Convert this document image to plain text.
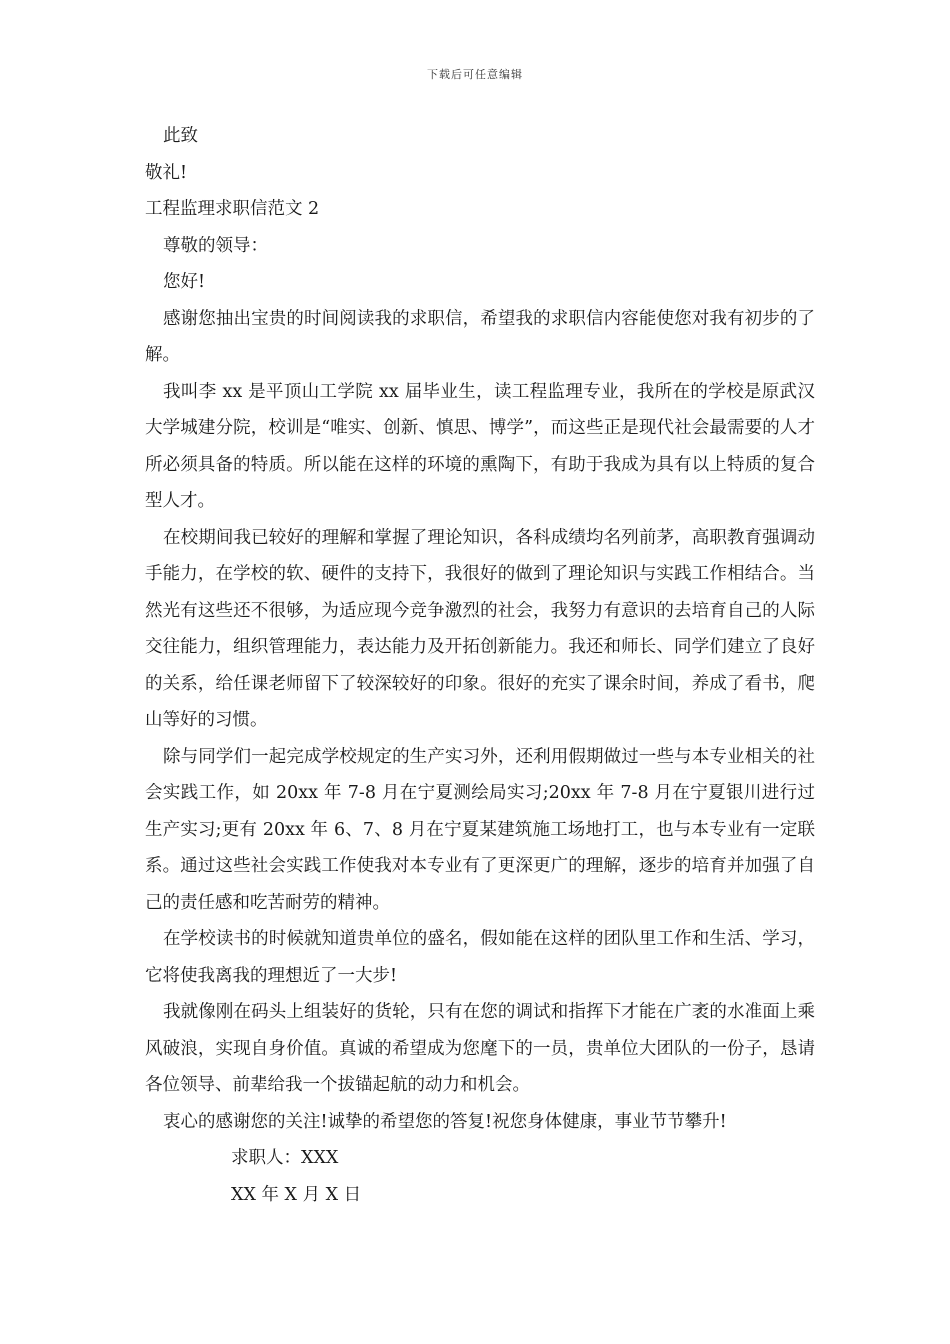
下载后可任意编辑
此致
敬礼!
工程监理求职信范文 2
尊敬的领导：
您好!
感谢您抽出宝贵的时间阅读我的求职信，希望我的求职信内容能使您对我有初步的了解。
我叫李 xx 是平顶山工学院 xx 届毕业生，读工程监理专业，我所在的学校是原武汉大学城建分院，校训是“唯实、创新、慎思、博学”，而这些正是现代社会最需要的人才所必须具备的特质。所以能在这样的环境的熏陶下，有助于我成为具有以上特质的复合型人才。
在校期间我已较好的理解和掌握了理论知识，各科成绩均名列前茅，高职教育强调动手能力，在学校的软、硬件的支持下，我很好的做到了理论知识与实践工作相结合。当然光有这些还不很够，为适应现今竞争激烈的社会，我努力有意识的去培育自己的人际交往能力，组织管理能力，表达能力及开拓创新能力。我还和师长、同学们建立了良好的关系，给任课老师留下了较深较好的印象。很好的充实了课余时间，养成了看书，爬山等好的习惯。
除与同学们一起完成学校规定的生产实习外，还利用假期做过一些与本专业相关的社会实践工作，如 20xx 年 7-8 月在宁夏测绘局实习;20xx 年 7-8 月在宁夏银川进行过生产实习;更有 20xx 年 6、7、8 月在宁夏某建筑施工场地打工，也与本专业有一定联系。通过这些社会实践工作使我对本专业有了更深更广的理解，逐步的培育并加强了自己的责任感和吃苦耐劳的精神。
在学校读书的时候就知道贵单位的盛名，假如能在这样的团队里工作和生活、学习，它将使我离我的理想近了一大步!
我就像刚在码头上组装好的货轮，只有在您的调试和指挥下才能在广袤的水准面上乘风破浪，实现自身价值。真诚的希望成为您麾下的一员，贵单位大团队的一份子，恳请各位领导、前辈给我一个拔锚起航的动力和机会。
衷心的感谢您的关注!诚挚的希望您的答复!祝您身体健康，事业节节攀升!
求职人：XXX
XX 年 X 月 X 日
